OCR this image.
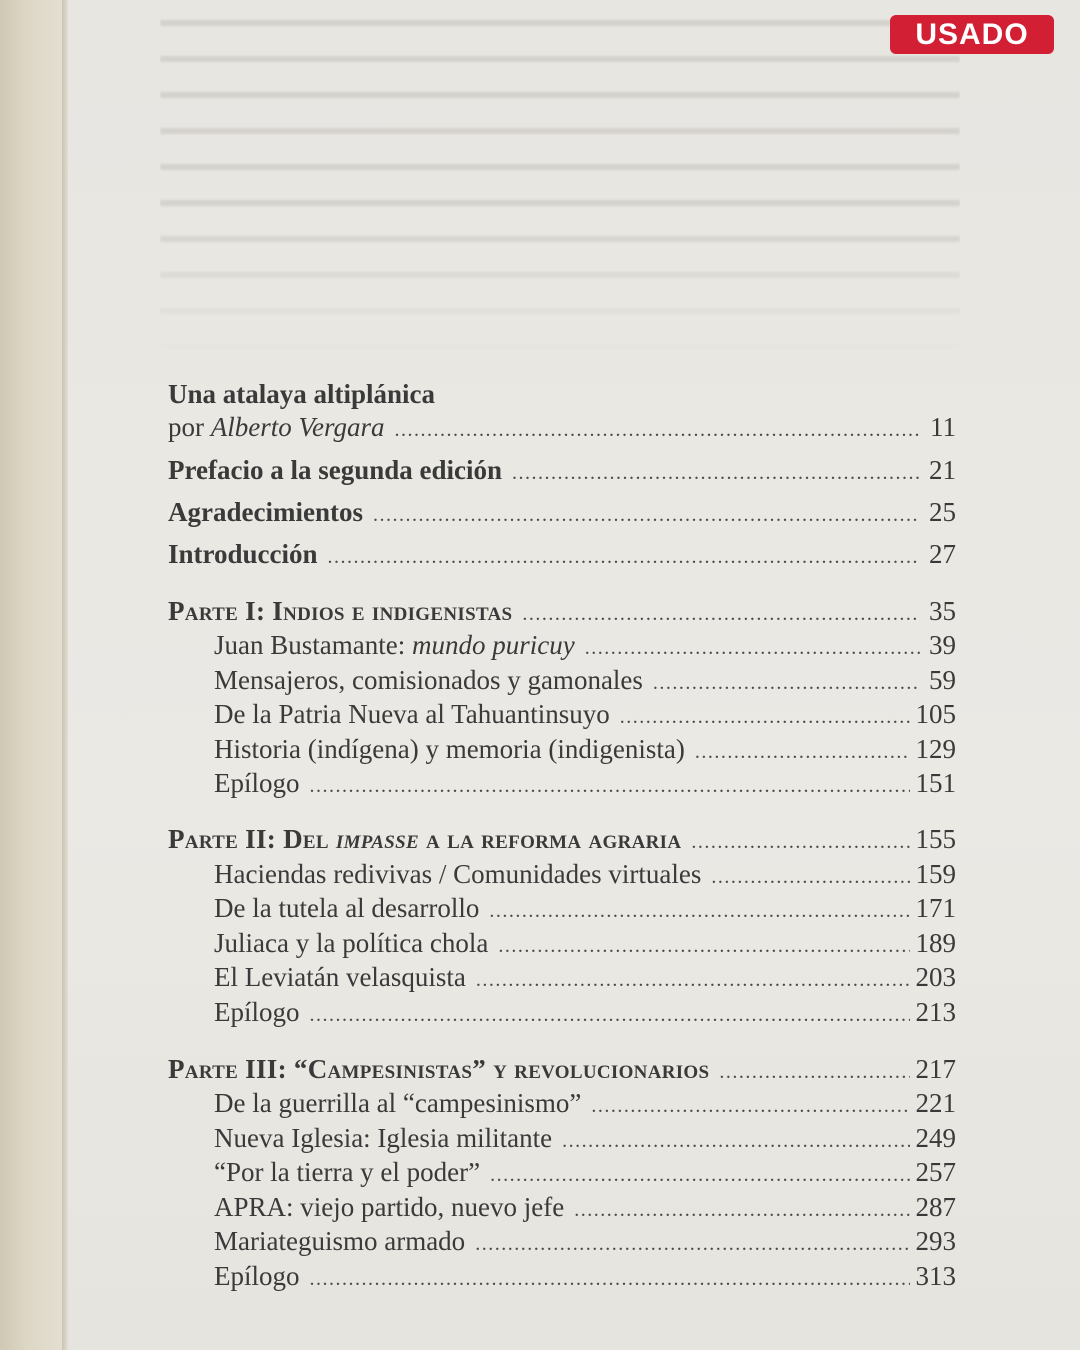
USADO
Una atalaya altiplánica
por Alberto Vergara .....	11
Prefacio a la segunda edición .....	21
Agradecimientos .....	25
Introducción .....	27
Parte I: Indios e indigenistas .....	35
Juan Bustamante: mundo puricuy .....	39
Mensajeros, comisionados y gamonales .....	59
De la Patria Nueva al Tahuantinsuyo .....	105
Historia (indígena) y memoria (indigenista) .....	129
Epílogo .....	151
Parte II: Del impasse a la reforma agraria .....	155
Haciendas redivivas / Comunidades virtuales .....	159
De la tutela al desarrollo .....	171
Juliaca y la política chola .....	189
El Leviatán velasquista .....	203
Epílogo .....	213
Parte III: “Campesinistas” y revolucionarios .....	217
De la guerrilla al “campesinismo” .....	221
Nueva Iglesia: Iglesia militante .....	249
“Por la tierra y el poder” .....	257
APRA: viejo partido, nuevo jefe .....	287
Mariateguismo armado .....	293
Epílogo .....	313
